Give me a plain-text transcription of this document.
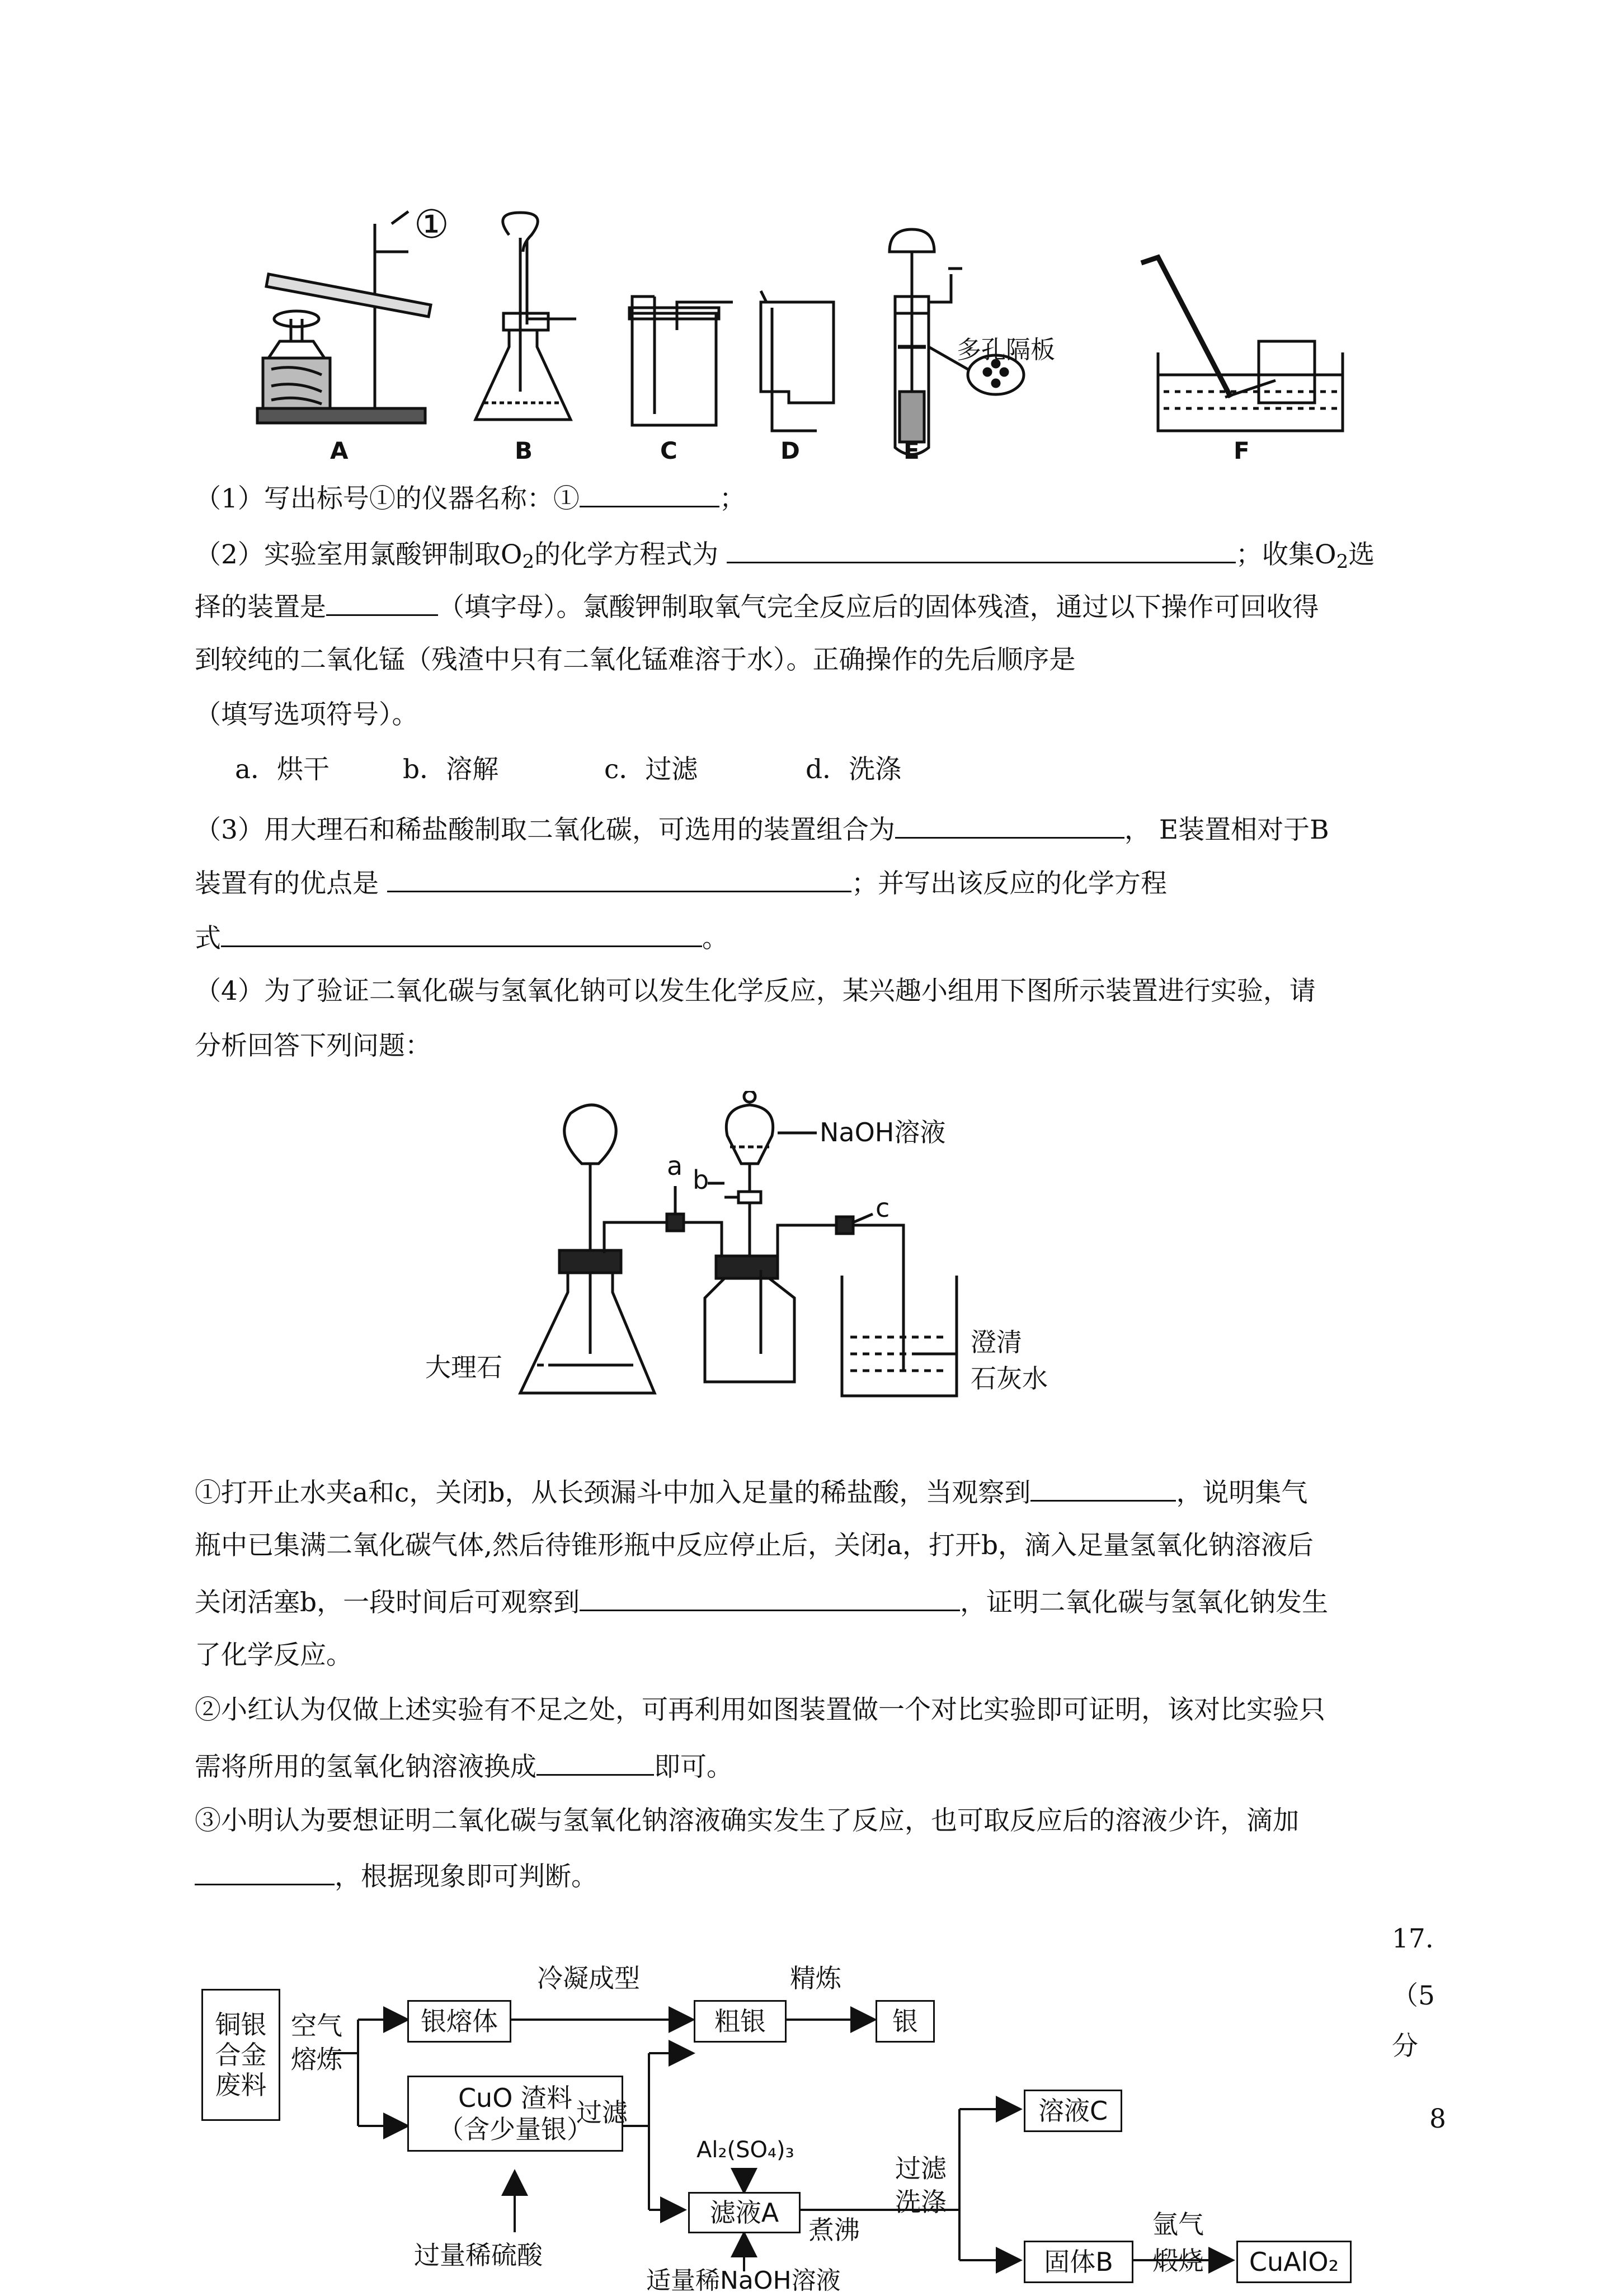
①
多孔隔板
A	B	C	D	E	F
（1）写出标号①的仪器名称：①	；
（2）实验室用氯酸钾制取$O_2$的化学方程式为	；收集$O_2$选
择的装置是	（填字母）。氯酸钾制取氧气完全反应后的固体残渣，通过以下操作可回收得
到较纯的二氧化锰（残渣中只有二氧化锰难溶于水）。正确操作的先后顺序是
（填写选项符号）。
a．烘干	b．溶解	c．过滤	d．洗涤
（3）用大理石和稀盐酸制取二氧化碳，可选用的装置组合为	， E装置相对于B
装置有的优点是	；并写出该反应的化学方程
式	。
（4）为了验证二氧化碳与氢氧化钠可以发生化学反应，某兴趣小组用下图所示装置进行实验，请
分析回答下列问题：
a b
c
NaOH溶液
大理石
澄清
石灰水
①打开止水夹a和c，关闭b，从长颈漏斗中加入足量的稀盐酸，当观察到	，说明集气
瓶中已集满二氧化碳气体,然后待锥形瓶中反应停止后，关闭a，打开b，滴入足量氢氧化钠溶液后
关闭活塞b，一段时间后可观察到	，证明二氧化碳与氢氧化钠发生
了化学反应。
②小红认为仅做上述实验有不足之处，可再利用如图装置做一个对比实验即可证明，该对比实验只
需将所用的氢氧化钠溶液换成	即可。
③小明认为要想证明二氧化碳与氢氧化钠溶液确实发生了反应，也可取反应后的溶液少许，滴加
，根据现象即可判断。
17.
（5
分
8
铜银合金废料
空气
熔炼
银熔体
冷凝成型
粗银
精炼
银
CuO 渣料
（含少量银）
过滤
过量稀硫酸
Al₂(SO₄)₃
滤液A
煮沸
过滤
洗涤
适量稀NaOH溶液
溶液C
固体B
氩气
煅烧 CuAlO₂
